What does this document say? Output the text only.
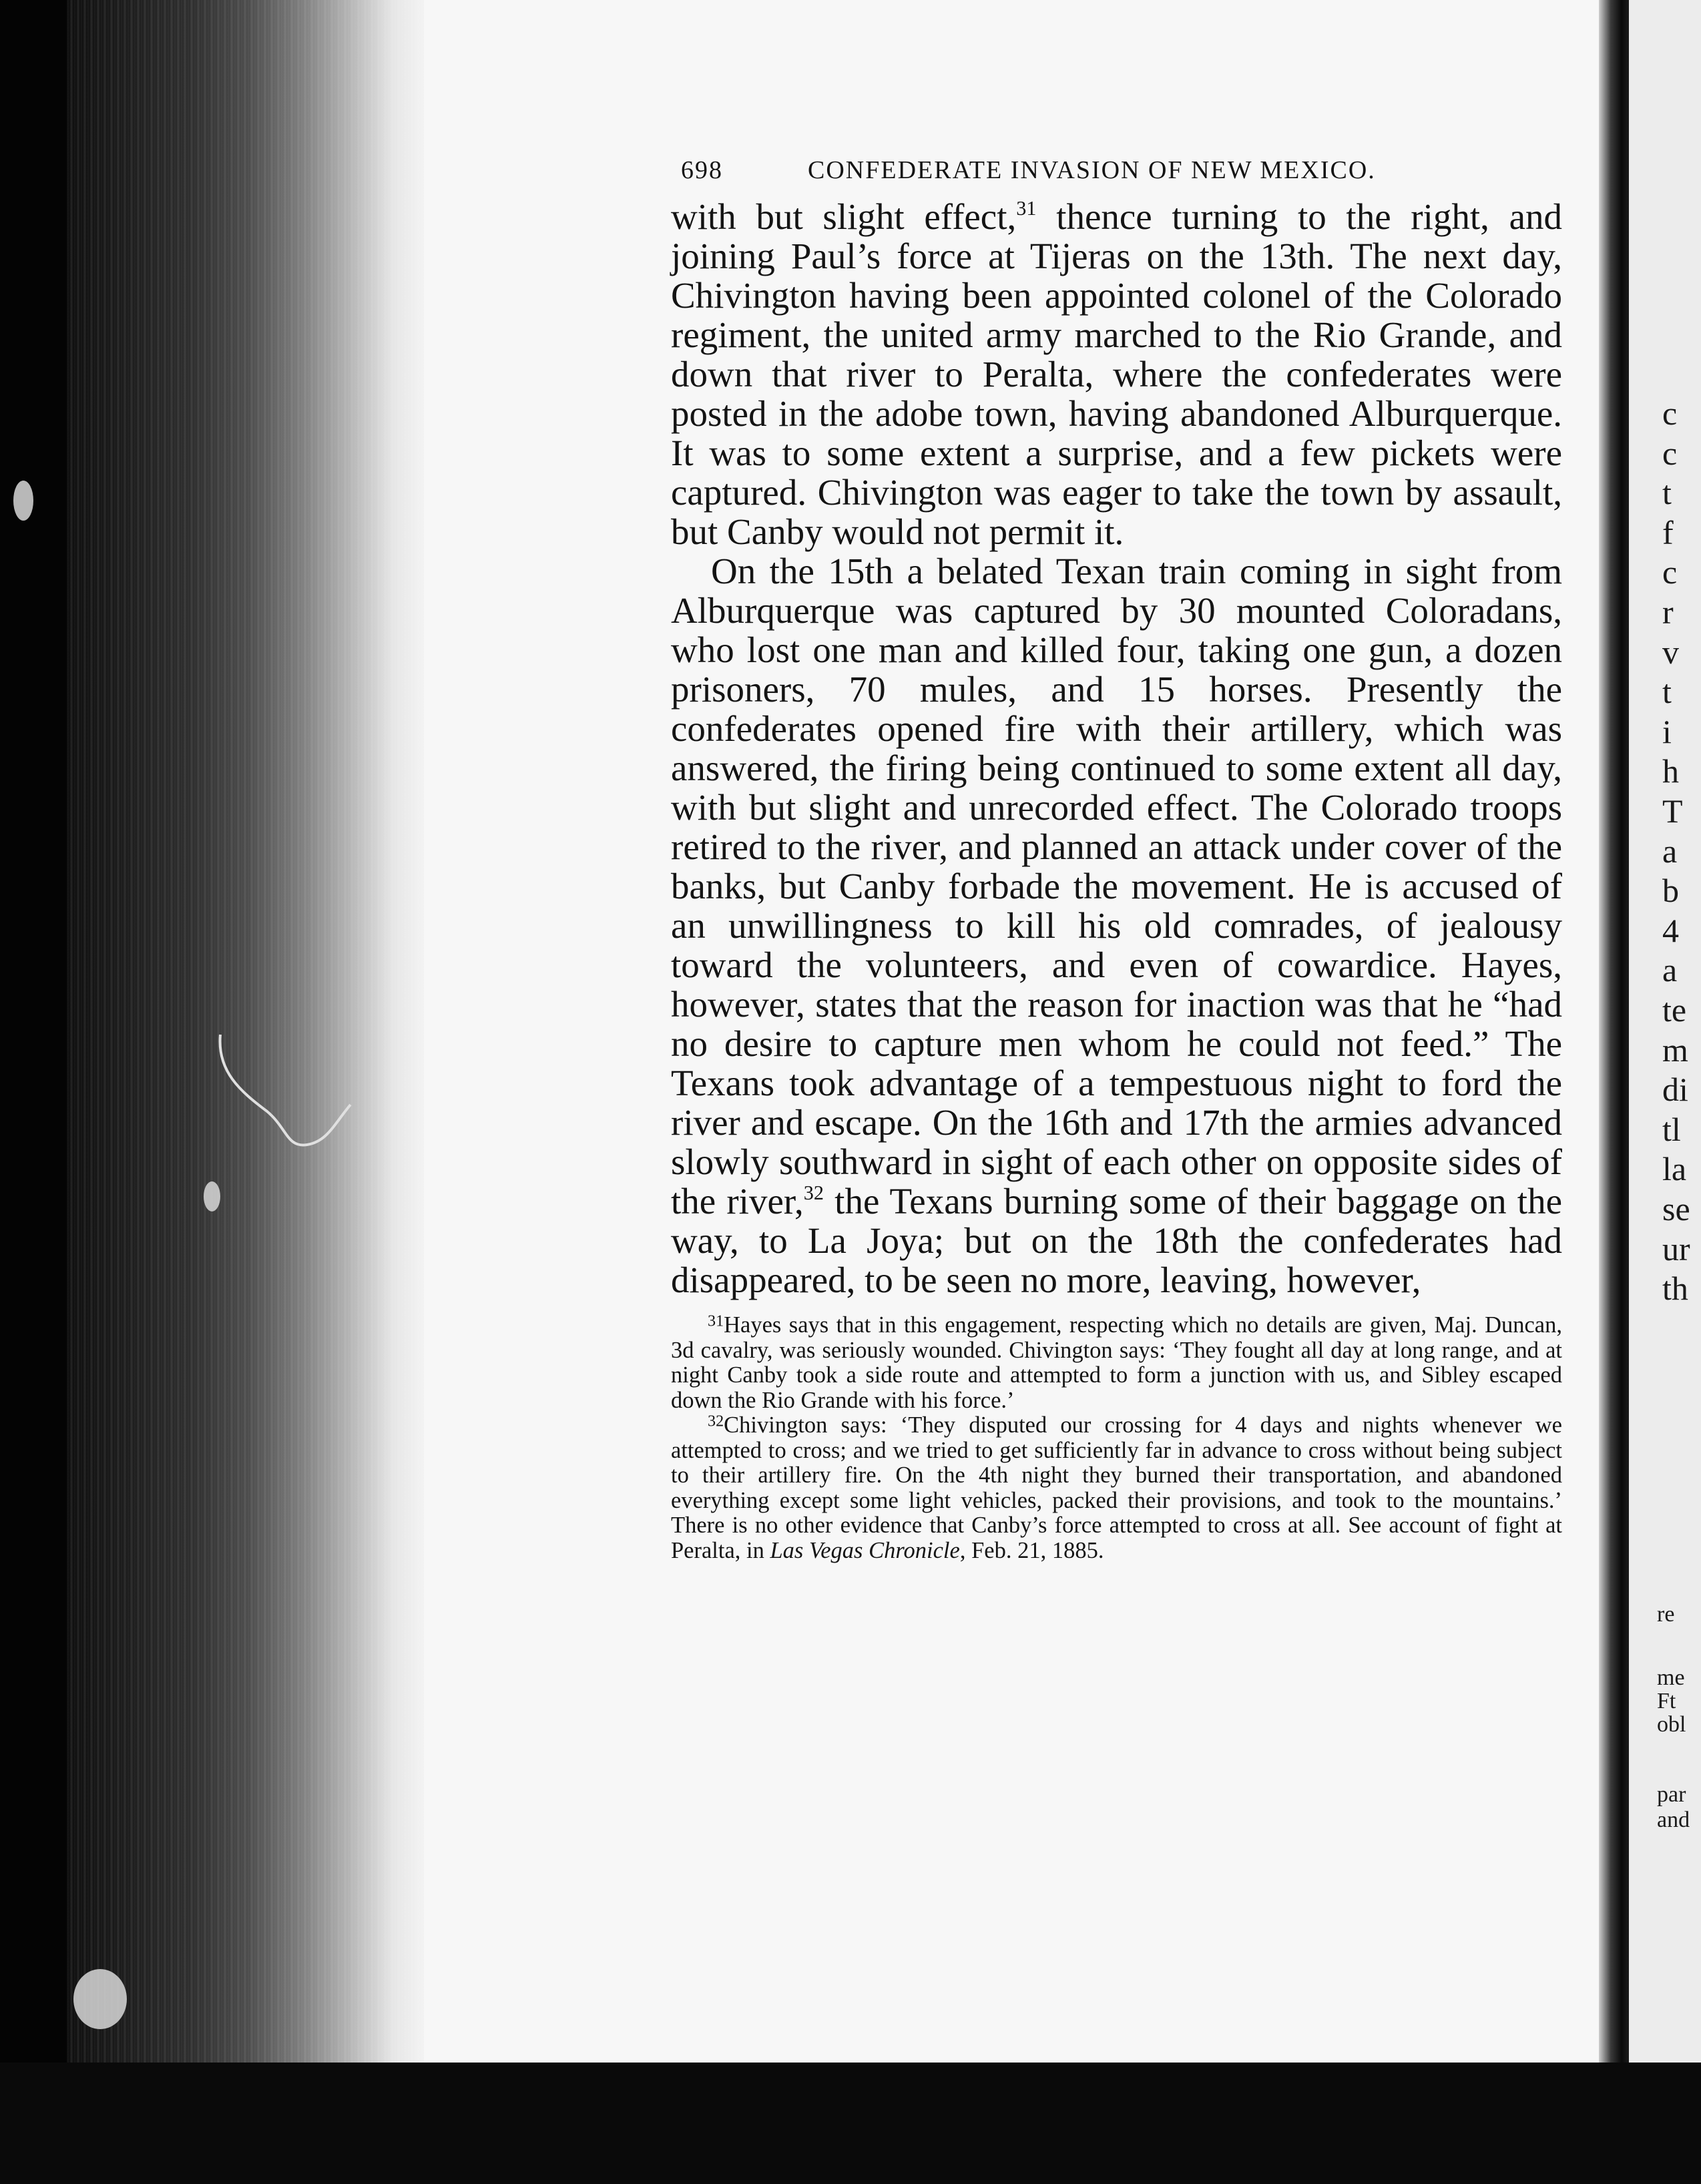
698	CONFEDERATE INVASION OF NEW MEXICO.

with but slight effect,$^{31}$ thence turning to the right, and joining Paul’s force at Tijeras on the 13th. The next day, Chivington having been appointed colonel of the Colorado regiment, the united army marched to the Rio Grande, and down that river to Peralta, where the confederates were posted in the adobe town, having abandoned Alburquerque. It was to some extent a surprise, and a few pickets were captured. Chivington was eager to take the town by assault, but Canby would not permit it.

On the 15th a belated Texan train coming in sight from Alburquerque was captured by 30 mounted Coloradans, who lost one man and killed four, taking one gun, a dozen prisoners, 70 mules, and 15 horses. Presently the confederates opened fire with their artillery, which was answered, the firing being continued to some extent all day, with but slight and unrecorded effect. The Colorado troops retired to the river, and planned an attack under cover of the banks, but Canby forbade the movement. He is accused of an unwillingness to kill his old comrades, of jealousy toward the volunteers, and even of cowardice. Hayes, however, states that the reason for inaction was that he “had no desire to capture men whom he could not feed.” The Texans took advantage of a tempestuous night to ford the river and escape. On the 16th and 17th the armies advanced slowly southward in sight of each other on opposite sides of the river,$^{32}$ the Texans burning some of their baggage on the way, to La Joya; but on the 18th the confederates had disappeared, to be seen no more, leaving, however,

$^{31}$Hayes says that in this engagement, respecting which no details are given, Maj. Duncan, 3d cavalry, was seriously wounded. Chivington says: ‘They fought all day at long range, and at night Canby took a side route and attempted to form a junction with us, and Sibley escaped down the Rio Grande with his force.’

$^{32}$Chivington says: ‘They disputed our crossing for 4 days and nights whenever we attempted to cross; and we tried to get sufficiently far in advance to cross without being subject to their artillery fire. On the 4th night they burned their transportation, and abandoned everything except some light vehicles, packed their provisions, and took to the mountains.’ There is no other evidence that Canby’s force attempted to cross at all. See account of fight at Peralta, in Las Vegas Chronicle, Feb. 21, 1885.

c
c
t
f
c
r
v
t
i
h
T
a
b
4
a
te
m
di
tl
la
se
ur
th
re
me
Ft
obl
par
and
